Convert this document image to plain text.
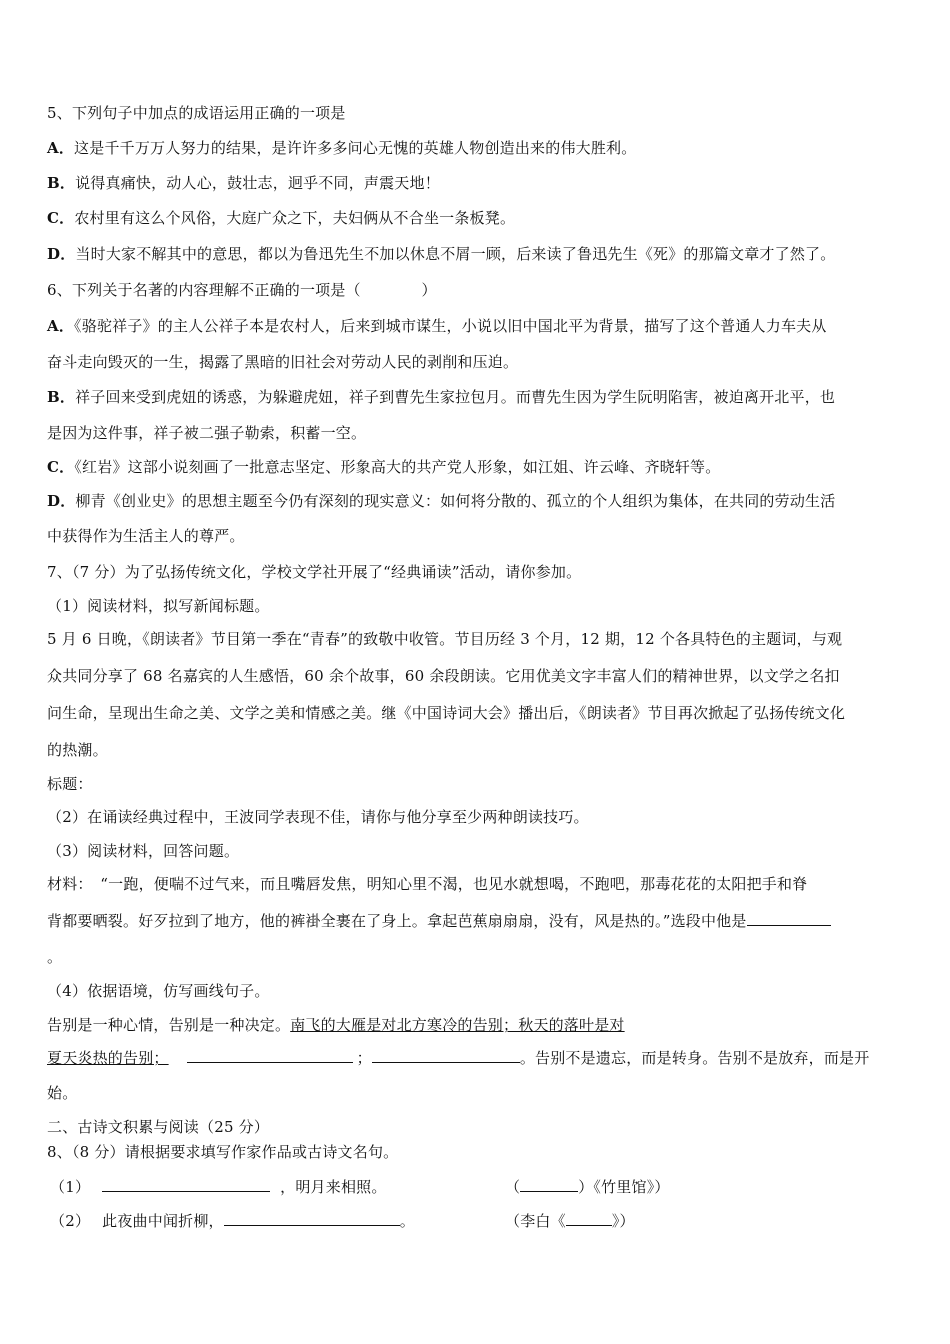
5、下列句子中加点的成语运用正确的一项是
A．这是千千万万人努力的结果，是许许多多问心无愧的英雄人物创造出来的伟大胜利。
B．说得真痛快，动人心，鼓壮志，迥乎不同，声震天地！
C．农村里有这么个风俗，大庭广众之下，夫妇俩从不合坐一条板凳。
D．当时大家不解其中的意思，都以为鲁迅先生不加以休息不屑一顾，后来读了鲁迅先生《死》的那篇文章才了然了。
6、下列关于名著的内容理解不正确的一项是（　　　　）
A．《骆驼祥子》的主人公祥子本是农村人，后来到城市谋生，小说以旧中国北平为背景，描写了这个普通人力车夫从
奋斗走向毁灭的一生，揭露了黑暗的旧社会对劳动人民的剥削和压迫。
B．祥子回来受到虎妞的诱惑，为躲避虎妞，祥子到曹先生家拉包月。而曹先生因为学生阮明陷害，被迫离开北平，也
是因为这件事，祥子被二强子勒索，积蓄一空。
C．《红岩》这部小说刻画了一批意志坚定、形象高大的共产党人形象，如江姐、许云峰、齐晓轩等。
D．柳青《创业史》的思想主题至今仍有深刻的现实意义：如何将分散的、孤立的个人组织为集体，在共同的劳动生活
中获得作为生活主人的尊严。
7、（7 分）为了弘扬传统文化，学校文学社开展了“经典诵读”活动，请你参加。
（1）阅读材料，拟写新闻标题。
5 月 6 日晚，《朗读者》节目第一季在“青春”的致敬中收管。节目历经 3 个月，12 期，12 个各具特色的主题词，与观
众共同分享了 68 名嘉宾的人生感悟，60 余个故事，60 余段朗读。它用优美文字丰富人们的精神世界，以文学之名扣
问生命，呈现出生命之美、文学之美和情感之美。继《中国诗词大会》播出后，《朗读者》节目再次掀起了弘扬传统文化
的热潮。
标题：
（2）在诵读经典过程中，王波同学表现不佳，请你与他分享至少两种朗读技巧。
（3）阅读材料，回答问题。
材料：　“一跑，便喘不过气来，而且嘴唇发焦，明知心里不渴，也见水就想喝，不跑吧，那毒花花的太阳把手和脊
背都要晒裂。好歹拉到了地方，他的裤褂全裹在了身上。拿起芭蕉扇扇扇，没有，风是热的。”选段中他是
。
（4）依据语境，仿写画线句子。
告别是一种心情，告别是一种决定。南飞的大雁是对北方寒冷的告别；秋天的落叶是对
夏天炎热的告别；	；	。告别不是遗忘，而是转身。告别不是放弃，而是开
始。
二、古诗文积累与阅读（25 分）
8、（8 分）请根据要求填写作家作品或古诗文名句。
（1）	，明月来相照。	（	）《竹里馆》）
（2） 此夜曲中闻折柳，	。	（李白《	》）
